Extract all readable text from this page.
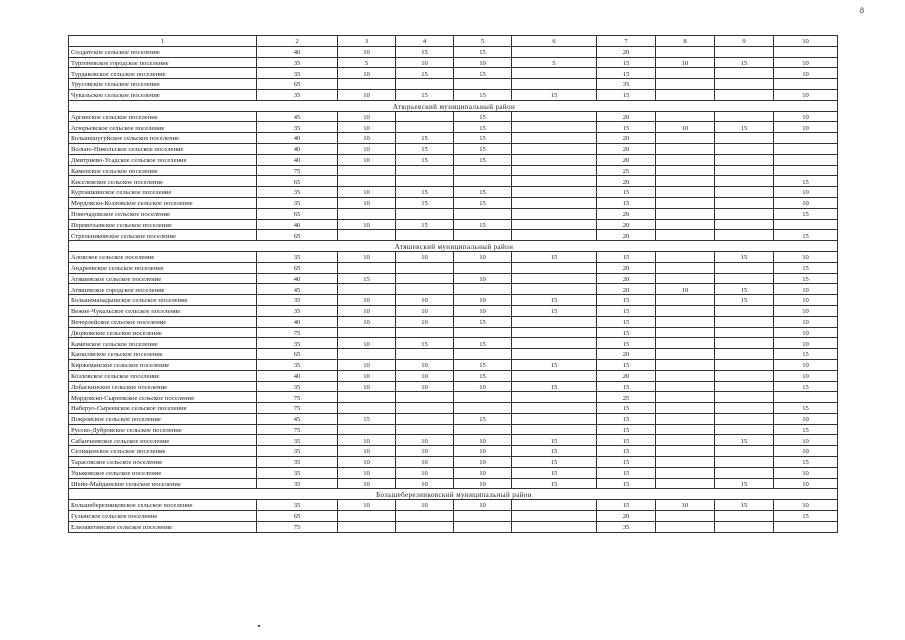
8
1	2	3	4	5	6	7	8	9	10
Солдатское сельское поселение	40	10	15	15		20			
Тургеневское городское поселение	35	5	10	10	5	15	10	15	10
Турдаковское сельское поселение	35	10	15	15		15			10
Урусовское сельское поселение	65					35			
Чукальское сельское поселение	35	10	15	15	15	15			10
Атюрьевский муниципальный район									
Аргинское сельское поселение	45	10		15		20			10
Атюрьевское сельское поселение	35	10		15		15	10	15	10
Большешугуйское сельское поселение	40	10	15	15		20			
Вольно-Никольское сельское поселение	40	10	15	15		20			
Дмитриево-Усадское сельское поселение	40	10	15	15		20			
Каменское сельское поселение	75					25			
Киселевское сельское поселение	65					20			15
Курташкинское сельское поселение	35	10	15	15		15			10
Мордовско-Козловское сельское поселение	35	10	15	15		15			10
Новочадовское сельское поселение	65					20			15
Перевесьевское сельское поселение	40	10	15	15		20			
Стрельниковское сельское поселение	65					20			15
Атяшевский муниципальный район									
Аловское сельское поселение	35	10	10	10	15	15		15	10
Андреевское сельское поселение	65					20			15
Атяшевское сельское поселение	40	15		10		20			15
Атяшевское городское поселение	45					20	10	15	10
Большеманадышское сельское поселение	35	10	10	10	15	15		15	10
Вежне-Чукальское сельское поселение	35	10	10	10	15	15			10
Вечерлейское сельское поселение	40	10	10	15		15			10
Дюрковское сельское поселение	75					15			10
Каменское сельское поселение	35	10	15	15		15			10
Капасовское сельское поселение	65					20			15
Киржеманское сельское поселение	35	10	10	15	15	15			10
Козловское сельское поселение	40	10	10	15		20			10
Лобаскинское сельское поселение	35	10	10	10	15	15			15
Мордовско-Сыреевское сельское поселение	75					25			
Наберуо-Сыреевское сельское поселение	75					15			15
Покровское сельское поселение	45	15		15		15			10
Русско-Дубровское сельское поселение	75					15			15
Сабанчеевское сельское поселение	35	10	10	10	15	15		15	10
Селищенское сельское поселение	35	10	10	10	15	15			10
Тарасовское сельское поселение	35	10	10	10	15	15			15
Ушаковское сельское поселение	35	10	10	10	15	15			10
Шейн-Майданское сельское поселение	35	10	10	10	15	15		15	10
Большеберезниковский муниципальный район									
Большеберезниковское сельское поселение	35	10	10	10		15	10	15	10
Гузынское сельское поселение	65					20			15
Елизаветинское сельское поселение	75					35			
